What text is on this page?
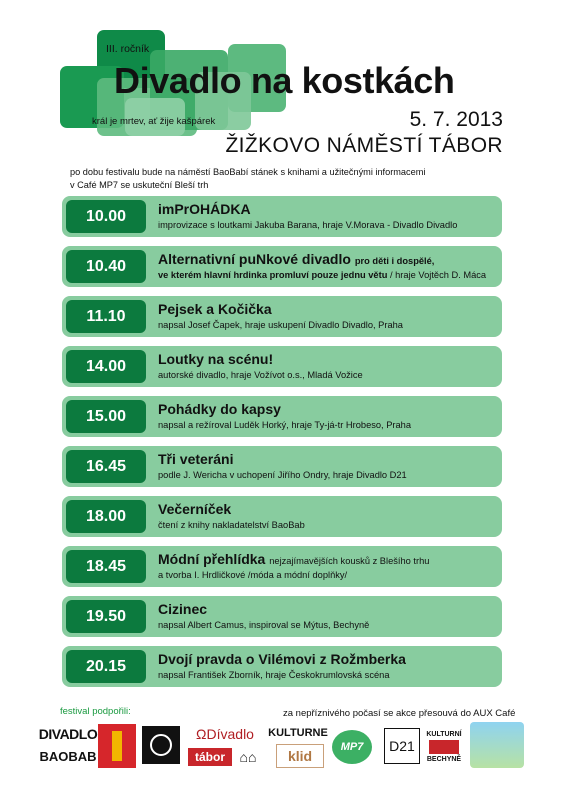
III. ročník
Divadlo na kostkách
král je mrtev, ať žije kašpárek	5. 7. 2013
ŽIŽKOVO NÁMĚSTÍ TÁBOR
po dobu festivalu bude na náměstí BaoBabí stánek s knihami a užitečnými informacemi
v Café MP7 se uskuteční Bleší trh
10.00	imPrOHÁDKA
improvizace s loutkami Jakuba Barana, hraje V.Morava - Divadlo Divadlo
10.40	Alternativní puNkové divadlo pro děti i dospělé,
ve kterém hlavní hrdinka promluví pouze jednu větu / hraje Vojtěch D. Máca
11.10	Pejsek a Kočička
napsal Josef Čapek, hraje uskupení Divadlo Divadlo, Praha
14.00	Loutky na scénu!
autorské divadlo, hraje Vožívot o.s., Mladá Vožice
15.00	Pohádky do kapsy
napsal a režíroval Luděk Horký, hraje Ty-já-tr Hrobeso, Praha
16.45	Tři veteráni
podle J. Wericha v uchopení Jiřího Ondry, hraje Divadlo D21
18.00	Večerníček
čtení z knihy nakladatelství BaoBab
18.45	Módní přehlídka nejzajímavějších kousků z Blešího trhu
a tvorba I. Hrdličkové /móda a módní doplňky/
19.50	Cizinec
napsal Albert Camus, inspiroval se Mýtus, Bechyně
20.15	Dvojí pravda o Vilémovi z Rožmberka
napsal František Zborník, hraje Českokrumlovská scéna
festival podpořili:	za nepříznivého počasí se akce přesouvá do AUX Café
DIVADLO
BAOBAB
ΩDívadlo	KULTURNE
tábor	⌂⌂	klid
MP7	D21
KULTURNÍ
BECHYNĚ
